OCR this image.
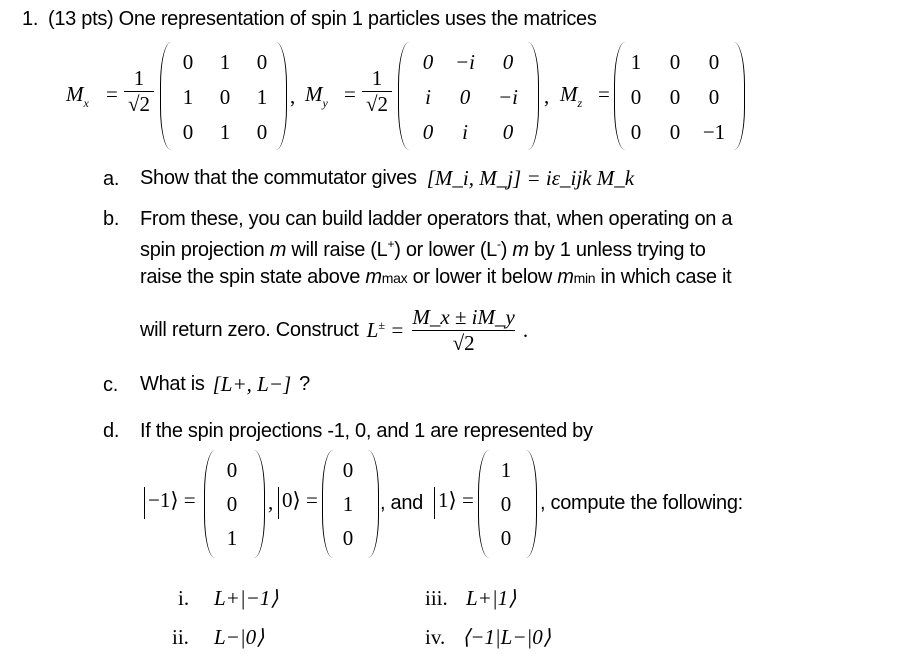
1. (13 pts) One representation of spin 1 particles uses the matrices
$M_x = \frac{1}{√2}$
0	1	0
1	0	1
0	1	0
, $M_y = \frac{1}{√2}$
0	−i	0
i	0	−i
0	i	0
, $M_z$ =
1	0	0
0	0	0
0	0	−1
a. Show that the commutator gives [M_i, M_j] = iε_ijk M_k
b. From these, you can build ladder operators that, when operating on a
spin projection m will raise (L+) or lower (L-) m by 1 unless trying to
raise the spin state above mmax or lower it below mmin in which case it
will return zero. Construct $L^\pm = \frac{M\_x \pm iM\_y}{√2}$ .
c. What is [L+, L−] ?
d. If the spin projections -1, 0, and 1 are represented by
−1⟩ =
0
0
1
, 0⟩ =
0
1
0
, and 1⟩ =
1
0
0
, compute the following:
i. L+|−1⟩
ii. L−|0⟩
iii. L+|1⟩
iv. ⟨−1|L−|0⟩
